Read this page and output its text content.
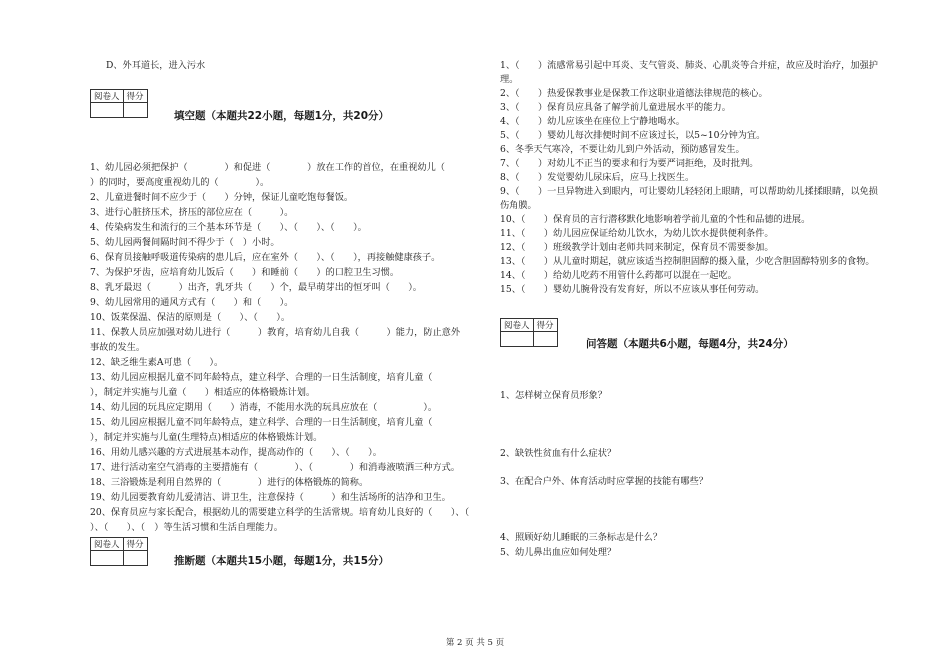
D、外耳道长，进入污水
阅卷人	得分

填空题（本题共22小题，每题1分，共20分）
1、幼儿园必须把保护（　　　　）和促进（　　　　）放在工作的首位，在重视幼儿（
）的同时，要高度重视幼儿的（　　　　）。
2、儿童进餐时间不应少于（　　）分钟，保证儿童吃饱每餐饭。
3、进行心脏挤压术，挤压的部位应在（　　　）。
4、传染病发生和流行的三个基本环节是（　　）、（　　）、（　　）。
5、幼儿园两餐间隔时间不得少于（　）小时。
6、保育员接触呼吸道传染病的患儿后，应在室外（　　）、（　　），再接触健康孩子。
7、为保护牙齿，应培育幼儿饭后（　　）和睡前（　　）的口腔卫生习惯。
8、乳牙最迟（　　　）出齐，乳牙共（　　）个，最早萌芽出的恒牙叫（　　）。
9、幼儿园常用的通风方式有（　　）和（　　）。
10、饭菜保温、保洁的原则是（　　）、（　　）。
11、保教人员应加强对幼儿进行（　　　）教育，培育幼儿自我（　　　）能力，防止意外
事故的发生。
12、缺乏维生素A可患（　　）。
13、幼儿园应根据儿童不同年龄特点，建立科学、合理的一日生活制度，培育儿童（
），制定并实施与儿童（　　）相适应的体格锻炼计划。
14、幼儿园的玩具应定期用（　　）消毒，不能用水洗的玩具应放在（　　　　　）。
15、幼儿园应根据儿童不同年龄特点，建立科学、合理的一日生活制度，培育儿童（
），制定并实施与儿童(生理特点)相适应的体格锻炼计划。
16、用幼儿感兴趣的方式进展基本动作，提高动作的（　　）、（　　）。
17、进行活动室空气消毒的主要措施有（　　　　）、（　　　　）和消毒液喷洒三种方式。
18、三浴锻炼是利用自然界的（　　　　）进行的体格锻炼的简称。
19、幼儿园要教育幼儿爱清洁、讲卫生，注意保持（　　　）和生活场所的洁净和卫生。
20、保育员应与家长配合，根据幼儿的需要建立科学的生活常规。培育幼儿良好的（　　）、（
）、（　　）、（　）等生活习惯和生活自理能力。
阅卷人	得分

推断题（本题共15小题，每题1分，共15分）
1、（　　）流感常易引起中耳炎、支气管炎、肺炎、心肌炎等合并症，故应及时治疗，加强护
理。
2、（　　）热爱保教事业是保教工作这职业道德法律规范的核心。
3、（　　）保育员应具备了解学前儿童进展水平的能力。
4、（　　）幼儿应该坐在座位上宁静地喝水。
5、（　　）婴幼儿每次排便时间不应该过长，以5~10分钟为宜。
6、冬季天气寒冷，不要让幼儿到户外活动，预防感冒发生。
7、（　　）对幼儿不正当的要求和行为要严词拒绝，及时批判。
8、（　　）发觉婴幼儿尿床后，应马上找医生。
9、（　　）一旦异物进入到眼内，可让婴幼儿轻轻闭上眼睛，可以帮助幼儿揉揉眼睛，以免损
伤角膜。
10、（　　）保育员的言行潜移默化地影响着学前儿童的个性和品德的进展。
11、（　　）幼儿园应保证给幼儿饮水，为幼儿饮水提供便利条件。
12、（　　）班级教学计划由老师共同来制定，保育员不需要参加。
13、（　　）从儿童时期起，就应该适当控制胆固醇的摄入量，少吃含胆固醇特别多的食物。
14、（　　）给幼儿吃药不用管什么药都可以混在一起吃。
15、（　　）婴幼儿腕骨没有发育好，所以不应该从事任何劳动。
阅卷人	得分

问答题（本题共6小题，每题4分，共24分）
1、怎样树立保育员形象？
2、缺铁性贫血有什么症状？
3、在配合户外、体育活动时应掌握的技能有哪些？
4、照顾好幼儿睡眠的三条标志是什么？
5、幼儿鼻出血应如何处理？
第 2 页 共 5 页
